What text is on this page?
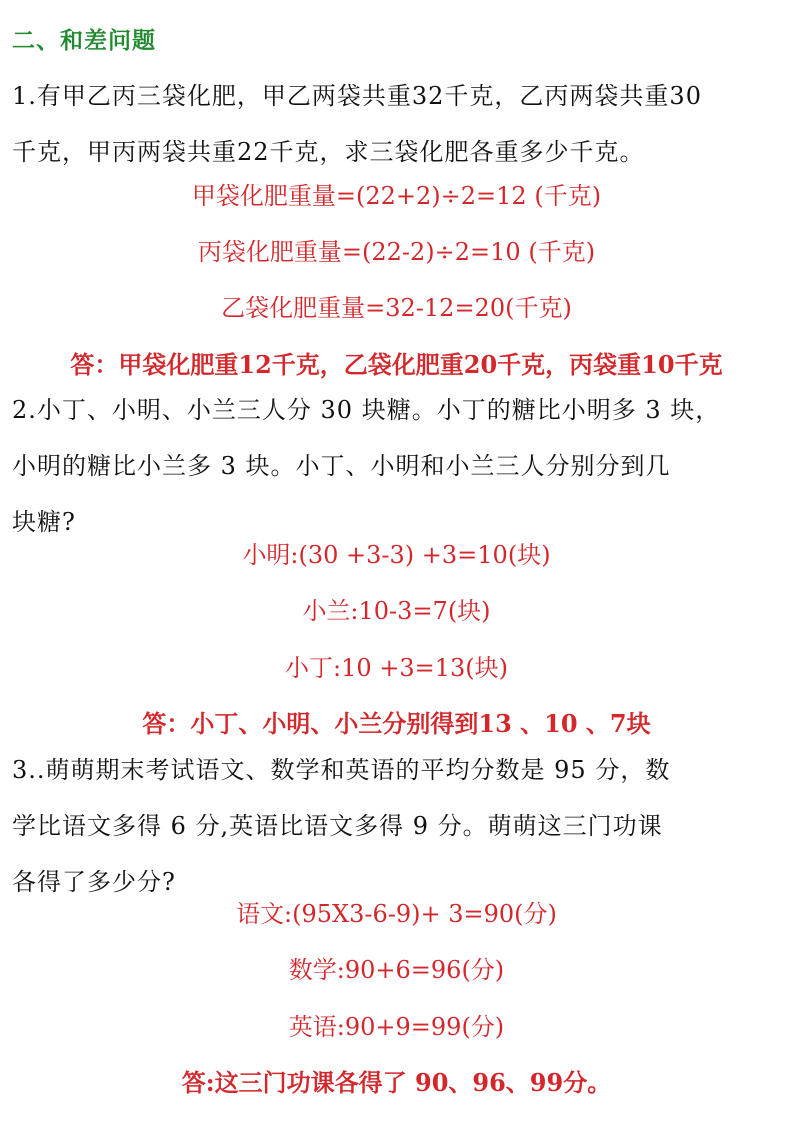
二、和差问题
1.有甲乙丙三袋化肥，甲乙两袋共重32千克，乙丙两袋共重30
千克，甲丙两袋共重22千克，求三袋化肥各重多少千克。
甲袋化肥重量=(22+2)÷2=12 (千克)
丙袋化肥重量=(22-2)÷2=10 (千克)
乙袋化肥重量=32-12=20(千克)
答：甲袋化肥重12千克，乙袋化肥重20千克，丙袋重10千克
2.小丁、小明、小兰三人分 30 块糖。小丁的糖比小明多 3 块，
小明的糖比小兰多 3 块。小丁、小明和小兰三人分别分到几
块糖?
小明:(30 +3-3) +3=10(块)
小兰:10-3=7(块)
小丁:10 +3=13(块)
答：小丁、小明、小兰分别得到13 、10 、7块
3..萌萌期末考试语文、数学和英语的平均分数是 95 分，数
学比语文多得 6 分,英语比语文多得 9 分。萌萌这三门功课
各得了多少分?
语文:(95X3-6-9)+ 3=90(分)
数学:90+6=96(分)
英语:90+9=99(分)
答:这三门功课各得了 90、96、99分。
